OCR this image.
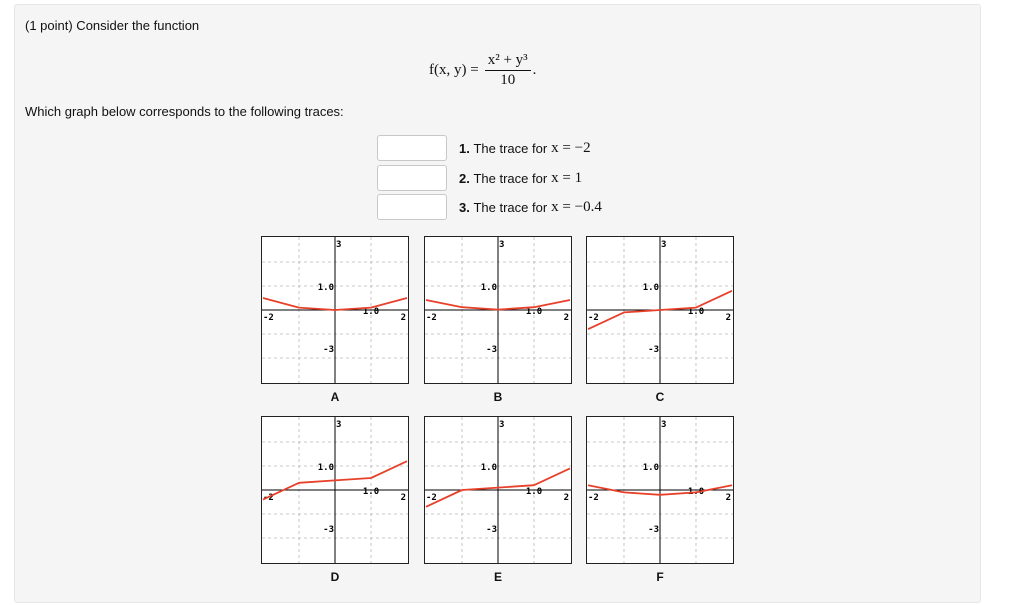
(1 point) Consider the function
f(x, $y) = \frac{\text{x² + y³}}{10}$ .
Which graph below corresponds to the following traces:
1.
The trace for x = −2
2.
The trace for x = 1
3.
The trace for x = −0.4
3
1.0
1.0
-2	2
-3
A
3
1.0
1.0
-2	2
-3
B
3
1.0
1.0
-2	2
-3
C
3
1.0
1.0
-2	2
-3
D
3
1.0
1.0
-2	2
-3
E
3
1.0
1.0
-2	2
-3
F
